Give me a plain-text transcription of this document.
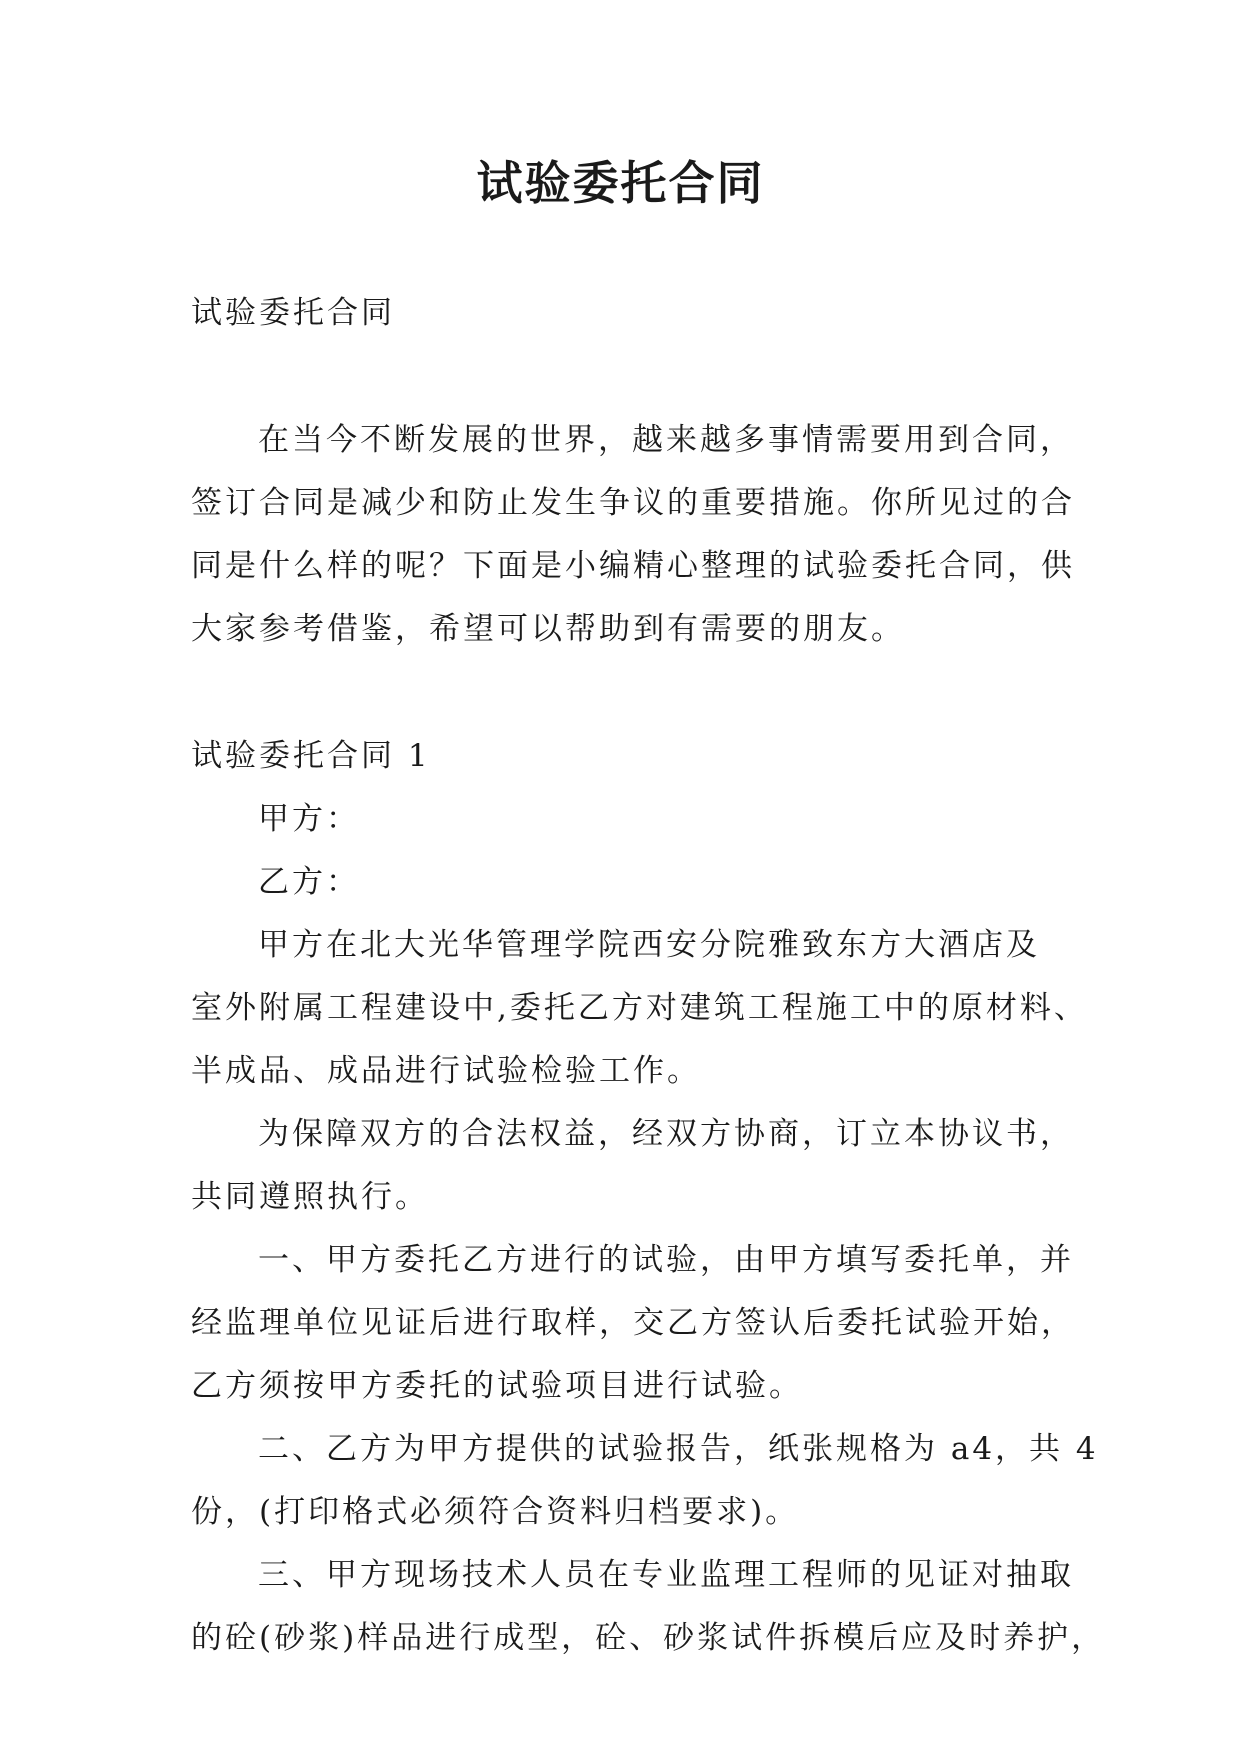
试验委托合同

试验委托合同

在当今不断发展的世界，越来越多事情需要用到合同，

签订合同是减少和防止发生争议的重要措施。你所见过的合

同是什么样的呢？下面是小编精心整理的试验委托合同，供

大家参考借鉴，希望可以帮助到有需要的朋友。

试验委托合同 1

甲方：

乙方：

甲方在北大光华管理学院西安分院雅致东方大酒店及

室外附属工程建设中,委托乙方对建筑工程施工中的原材料、

半成品、成品进行试验检验工作。

为保障双方的合法权益，经双方协商，订立本协议书，

共同遵照执行。

一、甲方委托乙方进行的试验，由甲方填写委托单，并

经监理单位见证后进行取样，交乙方签认后委托试验开始，

乙方须按甲方委托的试验项目进行试验。

二、乙方为甲方提供的试验报告，纸张规格为 a4，共 4

份，(打印格式必须符合资料归档要求)。

三、甲方现场技术人员在专业监理工程师的见证对抽取

的砼(砂浆)样品进行成型，砼、砂浆试件拆模后应及时养护，
